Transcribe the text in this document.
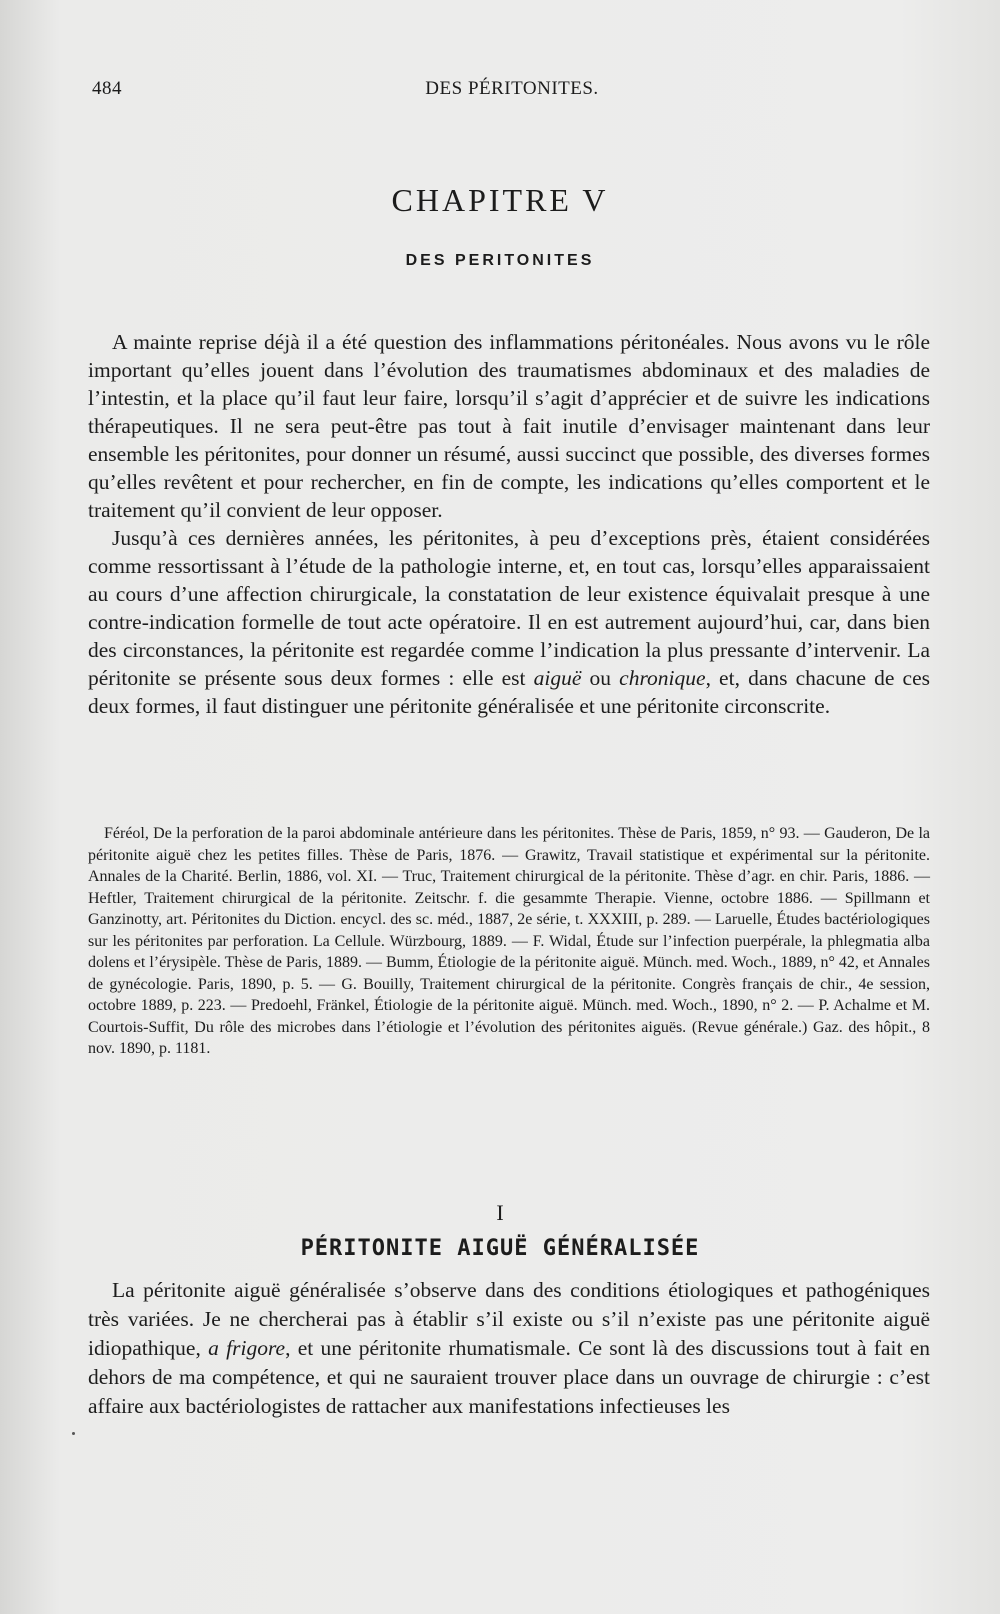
484	DES PÉRITONITES.
CHAPITRE V
DES PERITONITES

A mainte reprise déjà il a été question des inflammations péritonéales. Nous avons vu le rôle important qu’elles jouent dans l’évolution des traumatismes abdominaux et des maladies de l’intestin, et la place qu’il faut leur faire, lorsqu’il s’agit d’apprécier et de suivre les indications thérapeutiques. Il ne sera peut-être pas tout à fait inutile d’envisager maintenant dans leur ensemble les péritonites, pour donner un résumé, aussi succinct que possible, des diverses formes qu’elles revêtent et pour rechercher, en fin de compte, les indications qu’elles comportent et le traitement qu’il convient de leur opposer.

Jusqu’à ces dernières années, les péritonites, à peu d’exceptions près, étaient considérées comme ressortissant à l’étude de la pathologie interne, et, en tout cas, lorsqu’elles apparaissaient au cours d’une affection chirurgicale, la constatation de leur existence équivalait presque à une contre-indication formelle de tout acte opératoire. Il en est autrement aujourd’hui, car, dans bien des circonstances, la péritonite est regardée comme l’indication la plus pressante d’intervenir. La péritonite se présente sous deux formes : elle est aiguë ou chronique, et, dans chacune de ces deux formes, il faut distinguer une péritonite généralisée et une péritonite circonscrite.

Féréol, De la perforation de la paroi abdominale antérieure dans les péritonites. Thèse de Paris, 1859, n° 93. — Gauderon, De la péritonite aiguë chez les petites filles. Thèse de Paris, 1876. — Grawitz, Travail statistique et expérimental sur la péritonite. Annales de la Charité. Berlin, 1886, vol. XI. — Truc, Traitement chirurgical de la péritonite. Thèse d’agr. en chir. Paris, 1886. — Heftler, Traitement chirurgical de la péritonite. Zeitschr. f. die gesammte Therapie. Vienne, octobre 1886. — Spillmann et Ganzinotty, art. Péritonites du Diction. encycl. des sc. méd., 1887, 2e série, t. XXXIII, p. 289. — Laruelle, Études bactériologiques sur les péritonites par perforation. La Cellule. Würzbourg, 1889. — F. Widal, Étude sur l’infection puerpérale, la phlegmatia alba dolens et l’érysipèle. Thèse de Paris, 1889. — Bumm, Étiologie de la péritonite aiguë. Münch. med. Woch., 1889, n° 42, et Annales de gynécologie. Paris, 1890, p. 5. — G. Bouilly, Traitement chirurgical de la péritonite. Congrès français de chir., 4e session, octobre 1889, p. 223. — Predoehl, Fränkel, Étiologie de la péritonite aiguë. Münch. med. Woch., 1890, n° 2. — P. Achalme et M. Courtois-Suffit, Du rôle des microbes dans l’étiologie et l’évolution des péritonites aiguës. (Revue générale.) Gaz. des hôpit., 8 nov. 1890, p. 1181.
I
PÉRITONITE AIGUË GÉNÉRALISÉE

La péritonite aiguë généralisée s’observe dans des conditions étiologiques et pathogéniques très variées. Je ne chercherai pas à établir s’il existe ou s’il n’existe pas une péritonite aiguë idiopathique, a frigore, et une péritonite rhumatismale. Ce sont là des discussions tout à fait en dehors de ma compétence, et qui ne sauraient trouver place dans un ouvrage de chirurgie : c’est affaire aux bactériologistes de rattacher aux manifestations infectieuses les
